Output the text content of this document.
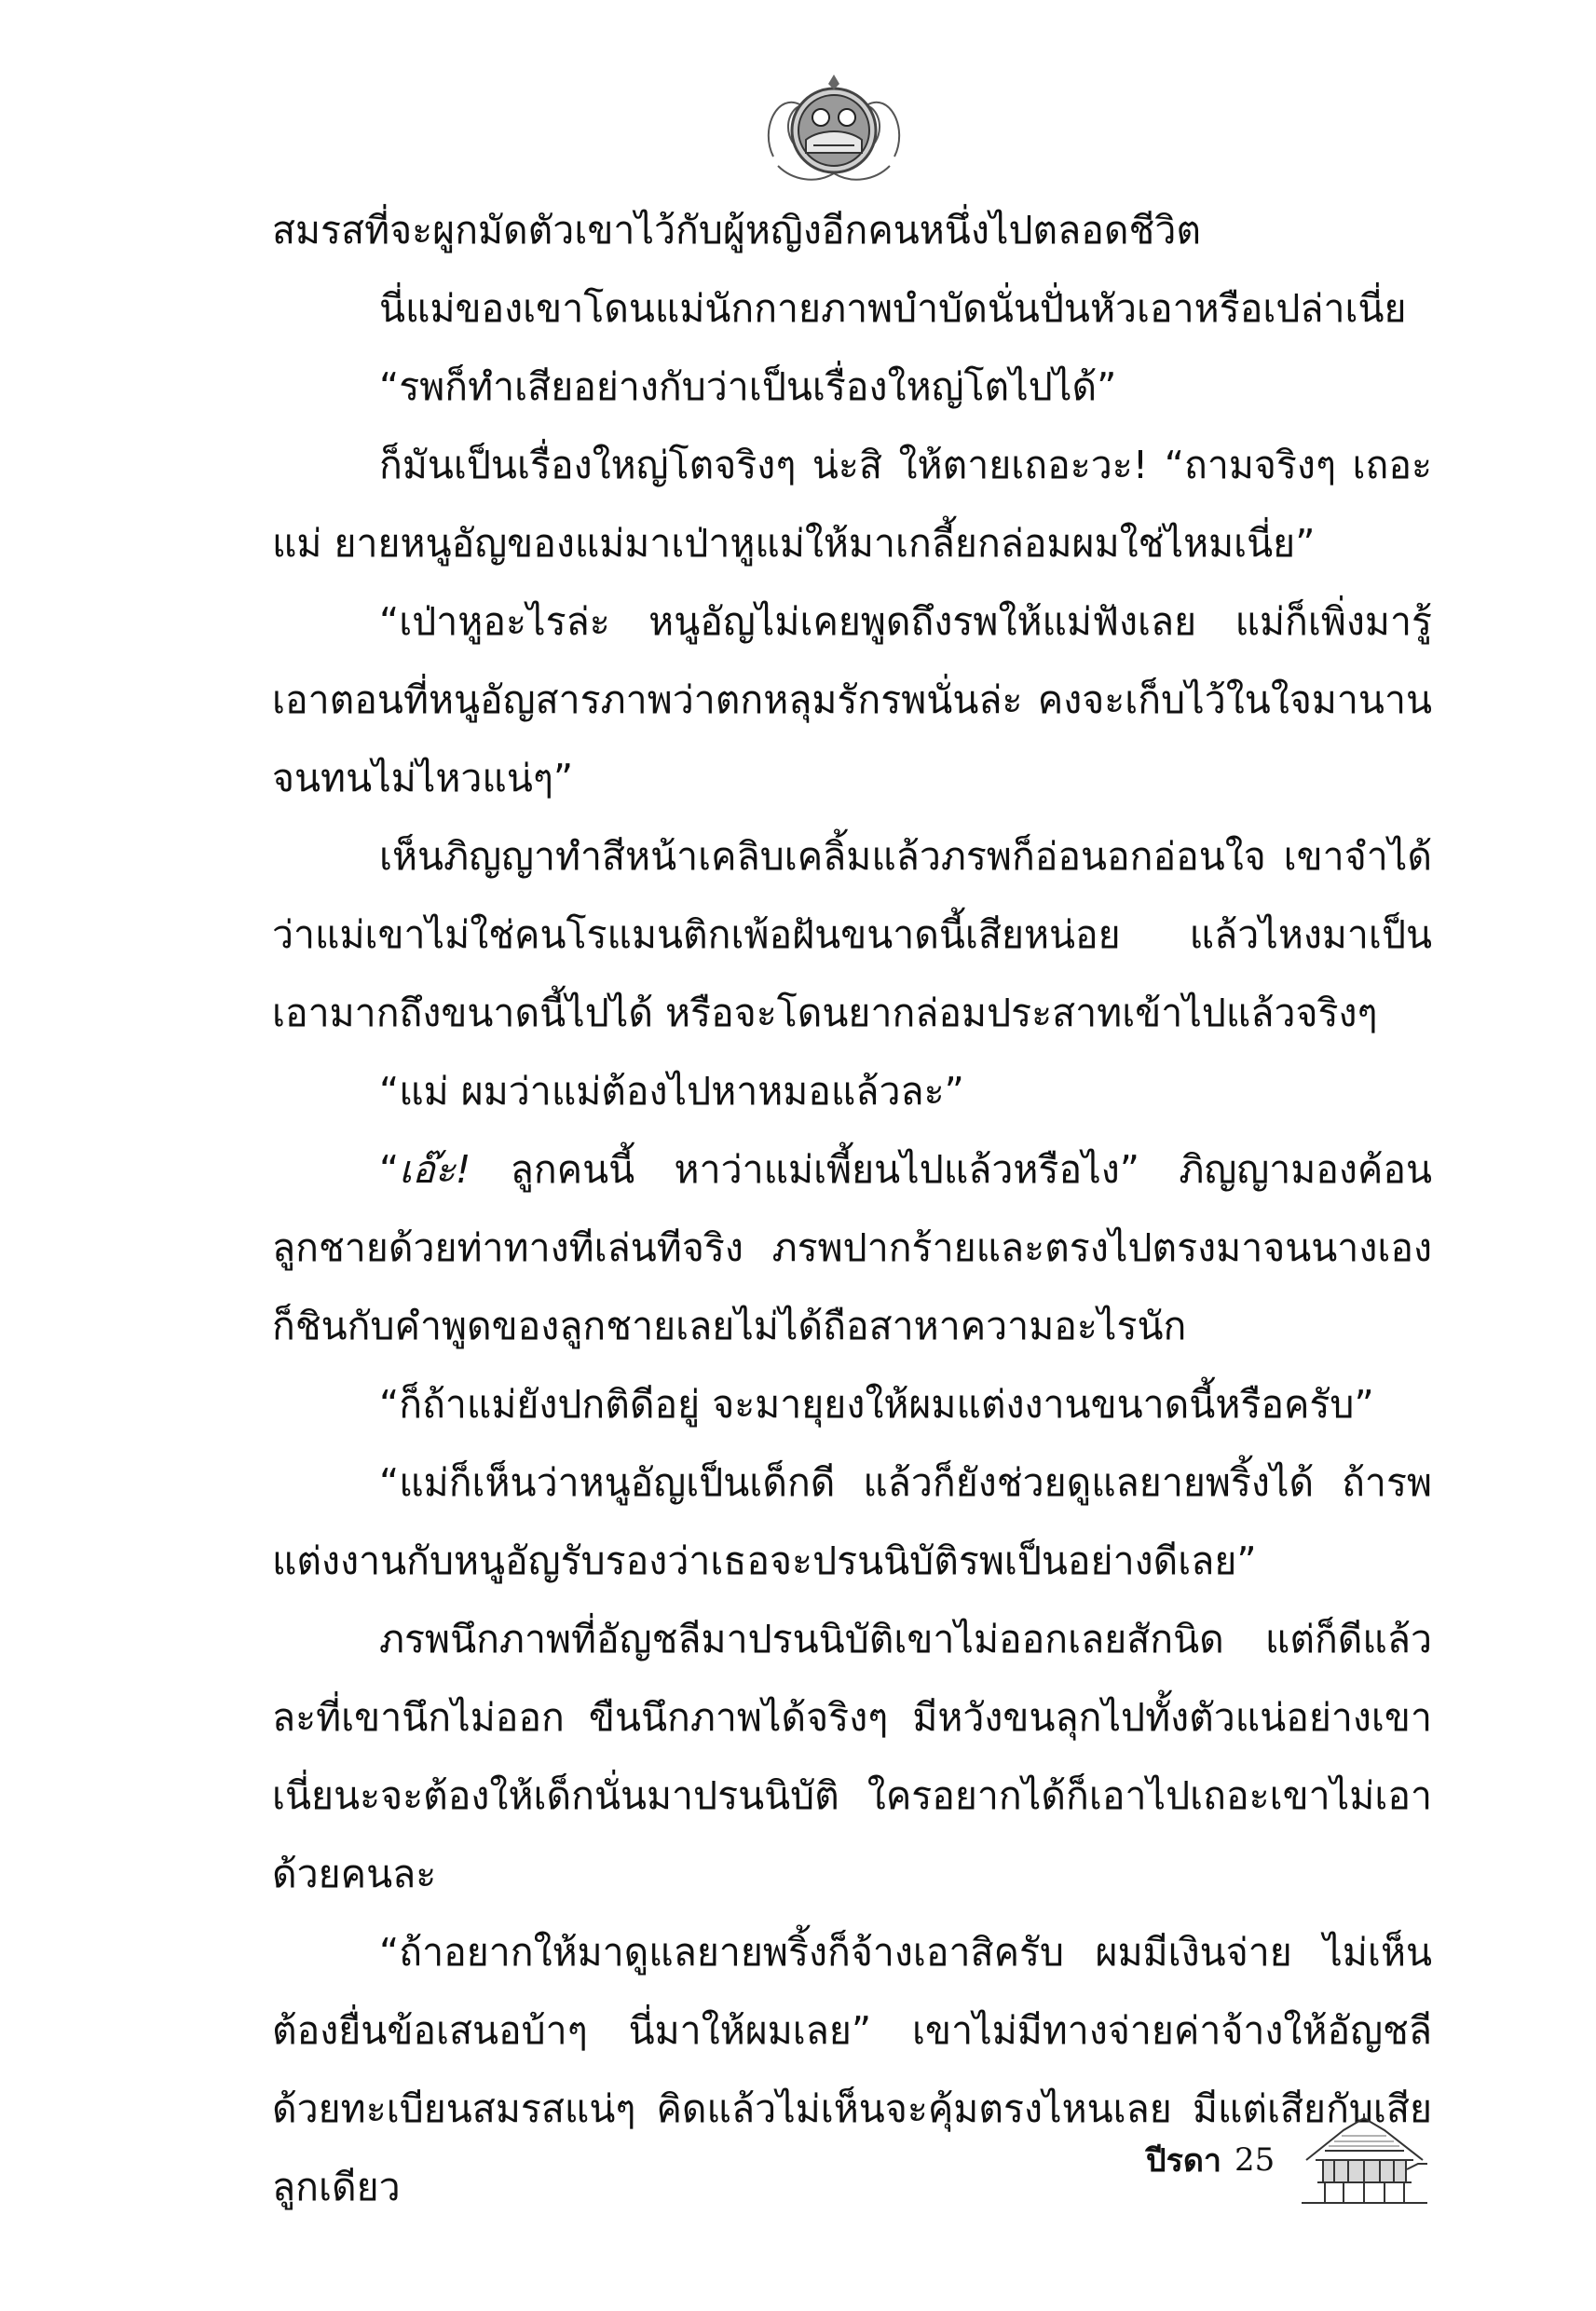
สมรสที่จะผูกมัดตัวเขาไว้กับผู้หญิงอีกคนหนึ่งไปตลอดชีวิต

นี่แม่ของเขาโดนแม่นักกายภาพบำบัดนั่นปั่นหัวเอาหรือเปล่าเนี่ย

“รพก็ทำเสียอย่างกับว่าเป็นเรื่องใหญ่โตไปได้”

ก็มันเป็นเรื่องใหญ่โตจริงๆ น่ะสิ ให้ตายเถอะวะ! “ถามจริงๆ เถอะแม่ ยายหนูอัญของแม่มาเป่าหูแม่ให้มาเกลี้ยกล่อมผมใช่ไหมเนี่ย”

“เป่าหูอะไรล่ะ หนูอัญไม่เคยพูดถึงรพให้แม่ฟังเลย แม่ก็เพิ่งมารู้เอาตอนที่หนูอัญสารภาพว่าตกหลุมรักรพนั่นล่ะ คงจะเก็บไว้ในใจมานานจนทนไม่ไหวแน่ๆ”

เห็นภิญญาทำสีหน้าเคลิบเคลิ้มแล้วภรพก็อ่อนอกอ่อนใจ เขาจำได้ว่าแม่เขาไม่ใช่คนโรแมนติกเพ้อฝันขนาดนี้เสียหน่อย แล้วไหงมาเป็นเอามากถึงขนาดนี้ไปได้ หรือจะโดนยากล่อมประสาทเข้าไปแล้วจริงๆ

“แม่ ผมว่าแม่ต้องไปหาหมอแล้วละ”

“เอ๊ะ! ลูกคนนี้ หาว่าแม่เพี้ยนไปแล้วหรือไง” ภิญญามองค้อนลูกชายด้วยท่าทางทีเล่นทีจริง ภรพปากร้ายและตรงไปตรงมาจนนางเองก็ชินกับคำพูดของลูกชายเลยไม่ได้ถือสาหาความอะไรนัก

“ก็ถ้าแม่ยังปกติดีอยู่ จะมายุยงให้ผมแต่งงานขนาดนี้หรือครับ”

“แม่ก็เห็นว่าหนูอัญเป็นเด็กดี แล้วก็ยังช่วยดูแลยายพริ้งได้ ถ้ารพแต่งงานกับหนูอัญรับรองว่าเธอจะปรนนิบัติรพเป็นอย่างดีเลย”

ภรพนึกภาพที่อัญชลีมาปรนนิบัติเขาไม่ออกเลยสักนิด แต่ก็ดีแล้วละที่เขานึกไม่ออก ขืนนึกภาพได้จริงๆ มีหวังขนลุกไปทั้งตัวแน่อย่างเขาเนี่ยนะจะต้องให้เด็กนั่นมาปรนนิบัติ ใครอยากได้ก็เอาไปเถอะเขาไม่เอาด้วยคนละ

“ถ้าอยากให้มาดูแลยายพริ้งก็จ้างเอาสิครับ ผมมีเงินจ่าย ไม่เห็นต้องยื่นข้อเสนอบ้าๆ นี่มาให้ผมเลย” เขาไม่มีทางจ่ายค่าจ้างให้อัญชลีด้วยทะเบียนสมรสแน่ๆ คิดแล้วไม่เห็นจะคุ้มตรงไหนเลย มีแต่เสียกับเสียลูกเดียว

ปีรดา 25
